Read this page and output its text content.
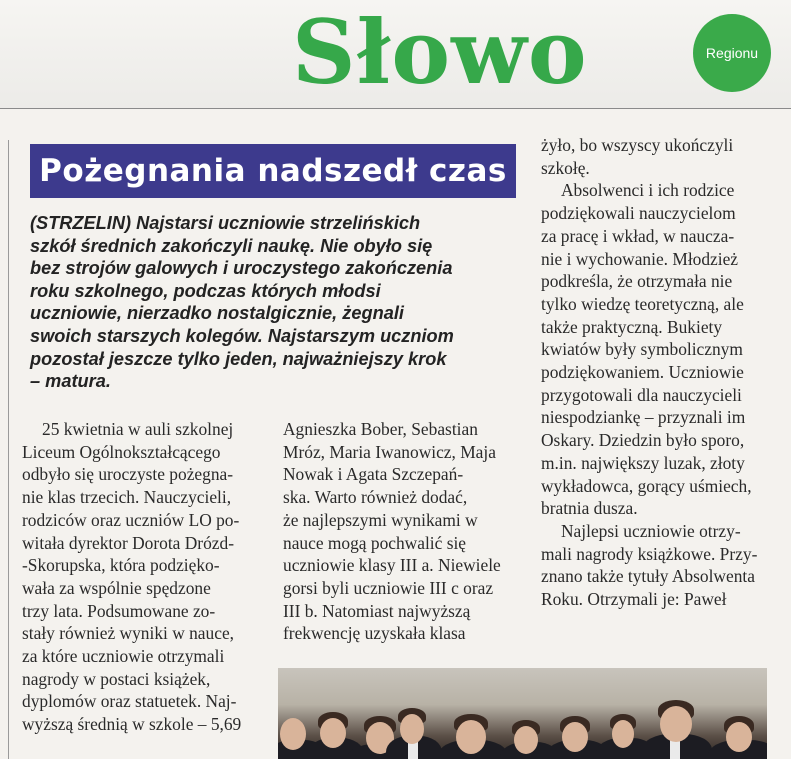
Słowo	Regionu
Pożegnania nadszedł czas
(STRZELIN) Najstarsi uczniowie strzelińskich
szkół średnich zakończyli naukę. Nie obyło się
bez strojów galowych i uroczystego zakończenia
roku szkolnego, podczas których młodsi
uczniowie, nierzadko nostalgicznie, żegnali
swoich starszych kolegów. Najstarszym uczniom
pozostał jeszcze tylko jeden, najważniejszy krok
– matura.
25 kwietnia w auli szkolnej
Liceum Ogólnokształcącego
odbyło się uroczyste pożegna-
nie klas trzecich. Nauczycieli,
rodziców oraz uczniów LO po-
witała dyrektor Dorota Drózd-
-Skorupska, która podzięko-
wała za wspólnie spędzone
trzy lata. Podsumowane zo-
stały również wyniki w nauce,
za które uczniowie otrzymali
nagrody w postaci książek,
dyplomów oraz statuetek. Naj-
wyższą średnią w szkole – 5,69
Agnieszka Bober, Sebastian
Mróz, Maria Iwanowicz, Maja
Nowak i Agata Szczepań-
ska. Warto również dodać,
że najlepszymi wynikami w
nauce mogą pochwalić się
uczniowie klasy III a. Niewiele
gorsi byli uczniowie III c oraz
III b. Natomiast najwyższą
frekwencję uzyskała klasa
żyło, bo wszyscy ukończyli
szkołę.
Absolwenci i ich rodzice
podziękowali nauczycielom
za pracę i wkład, w naucza-
nie i wychowanie. Młodzież
podkreśla, że otrzymała nie
tylko wiedzę teoretyczną, ale
także praktyczną. Bukiety
kwiatów były symbolicznym
podziękowaniem. Uczniowie
przygotowali dla nauczycieli
niespodziankę – przyznali im
Oskary. Dziedzin było sporo,
m.in. największy luzak, złoty
wykładowca, gorący uśmiech,
bratnia dusza.
Najlepsi uczniowie otrzy-
mali nagrody książkowe. Przy-
znano także tytuły Absolwenta
Roku. Otrzymali je: Paweł
